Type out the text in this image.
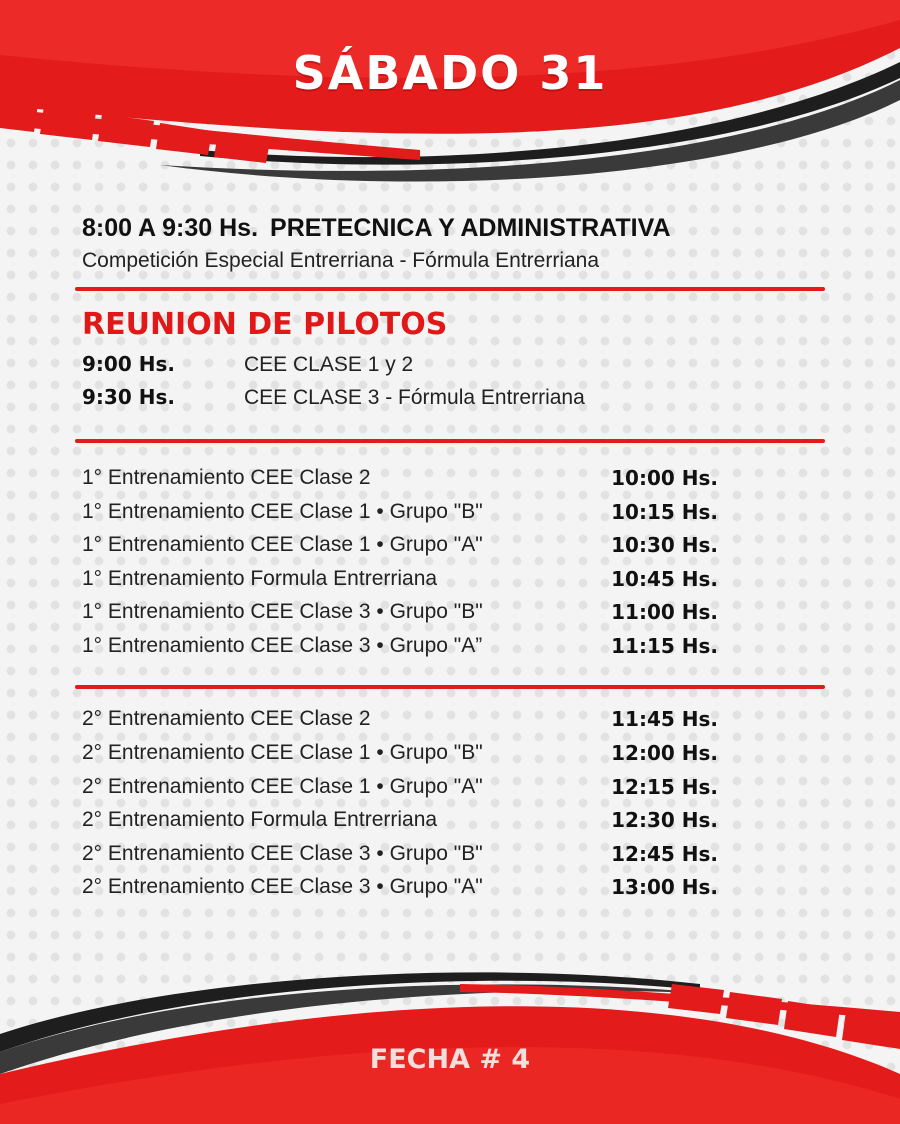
SÁBADO 31
8:00 A 9:30 Hs. PRETECNICA Y ADMINISTRATIVA
Competición Especial Entrerriana - Fórmula Entrerriana
REUNION DE PILOTOS
9:00 Hs.	CEE CLASE 1 y 2
9:30 Hs.	CEE CLASE 3 - Fórmula Entrerriana
1° Entrenamiento CEE Clase 2	10:00 Hs.
1° Entrenamiento CEE Clase 1 • Grupo "B"	10:15 Hs.
1° Entrenamiento CEE Clase 1 • Grupo "A"	10:30 Hs.
1° Entrenamiento Formula Entrerriana	10:45 Hs.
1° Entrenamiento CEE Clase 3 • Grupo "B"	11:00 Hs.
1° Entrenamiento CEE Clase 3 • Grupo "A”	11:15 Hs.
2° Entrenamiento CEE Clase 2	11:45 Hs.
2° Entrenamiento CEE Clase 1 • Grupo "B"	12:00 Hs.
2° Entrenamiento CEE Clase 1 • Grupo "A"	12:15 Hs.
2° Entrenamiento Formula Entrerriana	12:30 Hs.
2° Entrenamiento CEE Clase 3 • Grupo "B"	12:45 Hs.
2° Entrenamiento CEE Clase 3 • Grupo "A"	13:00 Hs.
FECHA # 4
